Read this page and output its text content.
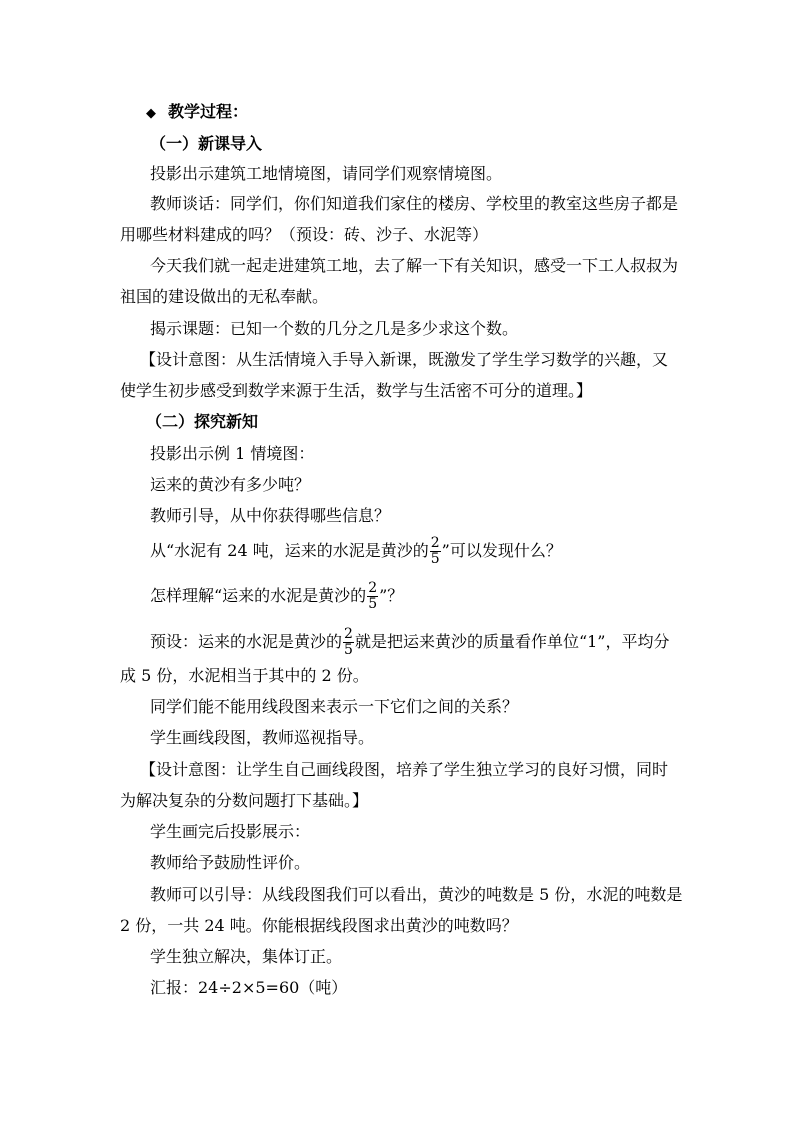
◆ 教学过程：
（一）新课导入
投影出示建筑工地情境图，请同学们观察情境图。
教师谈话：同学们，你们知道我们家住的楼房、学校里的教室这些房子都是
用哪些材料建成的吗？（预设：砖、沙子、水泥等）
今天我们就一起走进建筑工地，去了解一下有关知识，感受一下工人叔叔为
祖国的建设做出的无私奉献。
揭示课题：已知一个数的几分之几是多少求这个数。
【设计意图：从生活情境入手导入新课，既激发了学生学习数学的兴趣，又
使学生初步感受到数学来源于生活，数学与生活密不可分的道理。】
（二）探究新知
投影出示例 1 情境图：
运来的黄沙有多少吨？
教师引导，从中你获得哪些信息？
从“水泥有 24 吨，运来的水泥是黄沙的 $\frac{2}{5}$ ”可以发现什么？
怎样理解“运来的水泥是黄沙的 $\frac{2}{5}$ ”？
预设：运来的水泥是黄沙的 $\frac{2}{5}$ 就是把运来黄沙的质量看作单位“1”，平均分
成 5 份，水泥相当于其中的 2 份。
同学们能不能用线段图来表示一下它们之间的关系？
学生画线段图，教师巡视指导。
【设计意图：让学生自己画线段图，培养了学生独立学习的良好习惯，同时
为解决复杂的分数问题打下基础。】
学生画完后投影展示：
教师给予鼓励性评价。
教师可以引导：从线段图我们可以看出，黄沙的吨数是 5 份，水泥的吨数是
2 份，一共 24 吨。你能根据线段图求出黄沙的吨数吗？
学生独立解决，集体订正。
汇报：24÷2×5=60（吨）
